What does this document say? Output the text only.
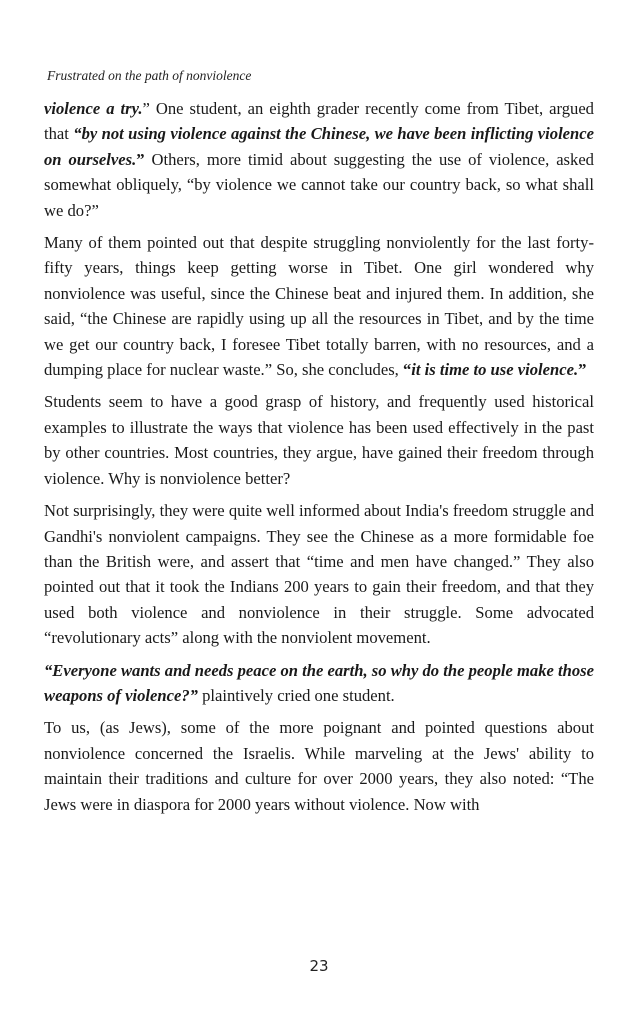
Frustrated on the path of nonviolence

violence a try.” One student, an eighth grader recently come from Tibet, argued that “by not using violence against the Chinese, we have been inflicting violence on ourselves.” Others, more timid about suggesting the use of violence, asked somewhat obliquely, “by violence we cannot take our country back, so what shall we do?”

Many of them pointed out that despite struggling nonviolently for the last forty-fifty years, things keep getting worse in Tibet. One girl wondered why nonviolence was useful, since the Chinese beat and injured them. In addition, she said, “the Chinese are rapidly using up all the resources in Tibet, and by the time we get our country back, I foresee Tibet totally barren, with no resources, and a dumping place for nuclear waste.” So, she concludes, “it is time to use violence.”

Students seem to have a good grasp of history, and frequently used historical examples to illustrate the ways that violence has been used effectively in the past by other countries. Most countries, they argue, have gained their freedom through violence. Why is nonviolence better?

Not surprisingly, they were quite well informed about India's freedom struggle and Gandhi's nonviolent campaigns. They see the Chinese as a more formidable foe than the British were, and assert that “time and men have changed.” They also pointed out that it took the Indians 200 years to gain their freedom, and that they used both violence and nonviolence in their struggle. Some advocated “revolutionary acts” along with the nonviolent movement.

“Everyone wants and needs peace on the earth, so why do the people make those weapons of violence?” plaintively cried one student.

To us, (as Jews), some of the more poignant and pointed questions about nonviolence concerned the Israelis. While marveling at the Jews' ability to maintain their traditions and culture for over 2000 years, they also noted: “The Jews were in diaspora for 2000 years without violence. Now with

23
